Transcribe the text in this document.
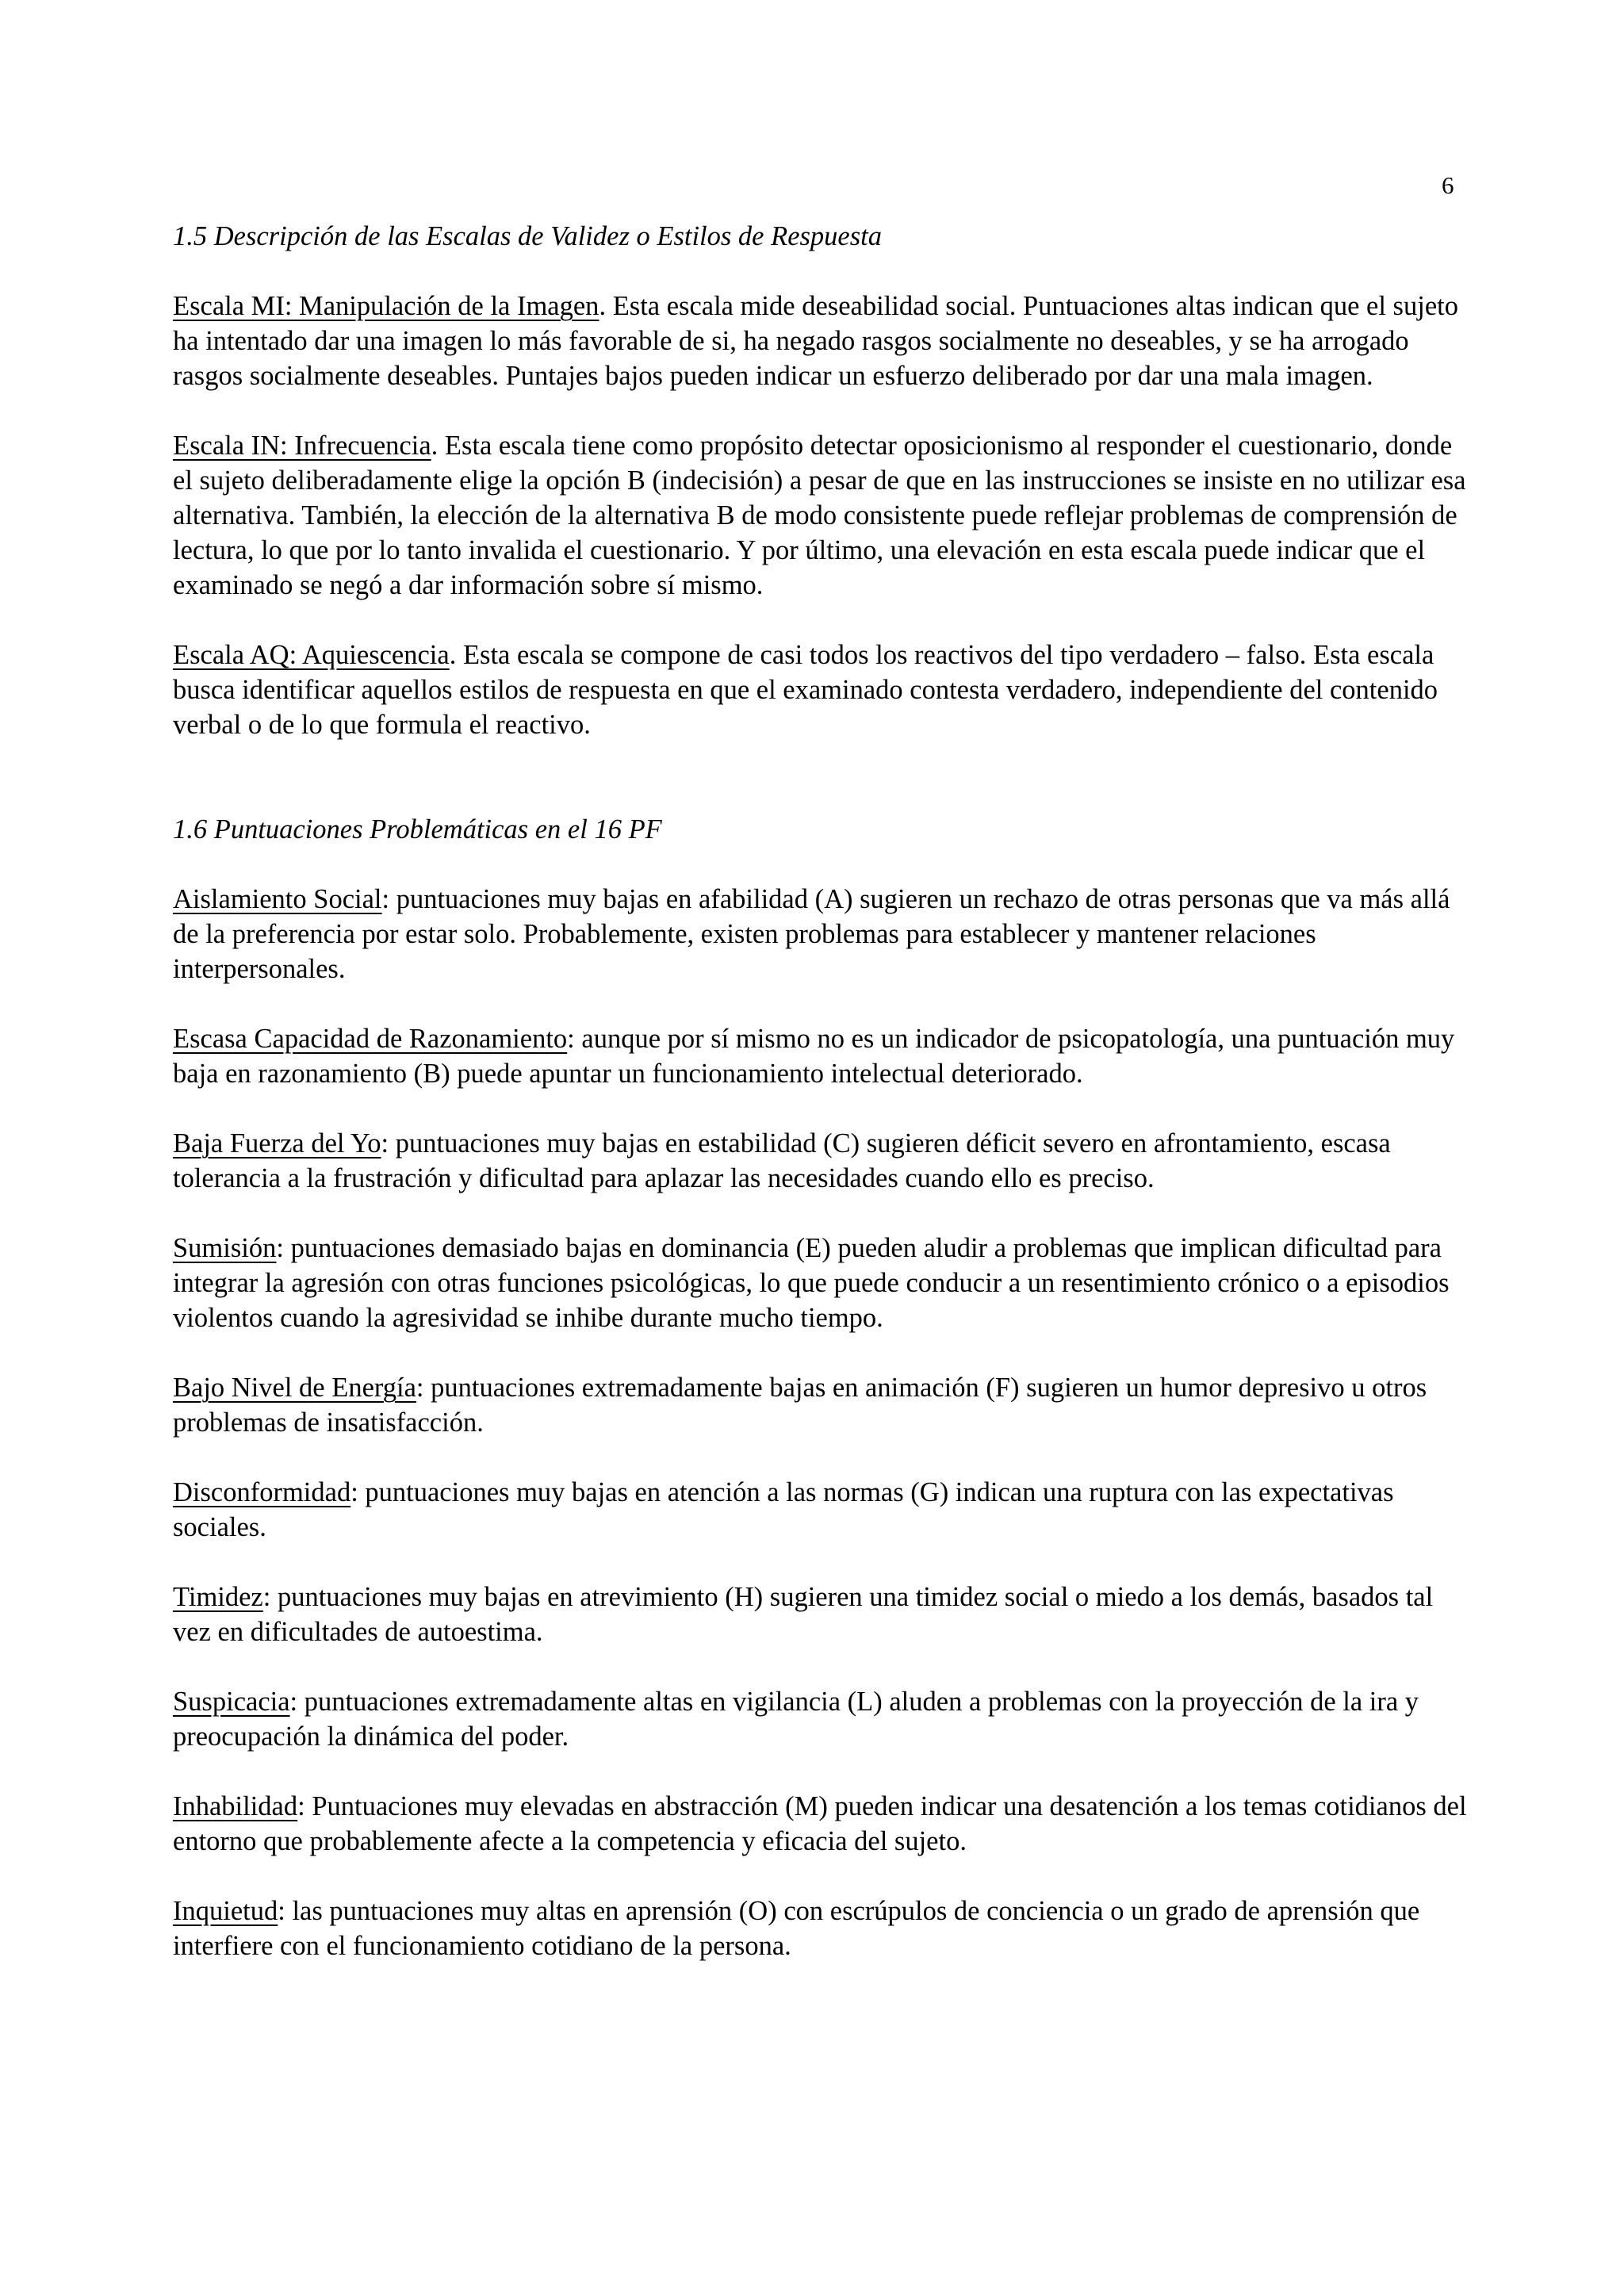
6
1.5 Descripción de las Escalas de Validez o Estilos de Respuesta

Escala MI: Manipulación de la Imagen. Esta escala mide deseabilidad social. Puntuaciones altas indican que el sujeto ha intentado dar una imagen lo más favorable de si, ha negado rasgos socialmente no deseables, y se ha arrogado rasgos socialmente deseables. Puntajes bajos pueden indicar un esfuerzo deliberado por dar una mala imagen.

Escala IN: Infrecuencia. Esta escala tiene como propósito detectar oposicionismo al responder el cuestionario, donde el sujeto deliberadamente elige la opción B (indecisión) a pesar de que en las instrucciones se insiste en no utilizar esa alternativa. También, la elección de la alternativa B de modo consistente puede reflejar problemas de comprensión de lectura, lo que por lo tanto invalida el cuestionario. Y por último, una elevación en esta escala puede indicar que el examinado se negó a dar información sobre sí mismo.

Escala AQ: Aquiescencia. Esta escala se compone de casi todos los reactivos del tipo verdadero – falso. Esta escala busca identificar aquellos estilos de respuesta en que el examinado contesta verdadero, independiente del contenido verbal o de lo que formula el reactivo.

1.6 Puntuaciones Problemáticas en el 16 PF

Aislamiento Social: puntuaciones muy bajas en afabilidad (A) sugieren un rechazo de otras personas que va más allá de la preferencia por estar solo. Probablemente, existen problemas para establecer y mantener relaciones interpersonales.

Escasa Capacidad de Razonamiento: aunque por sí mismo no es un indicador de psicopatología, una puntuación muy baja en razonamiento (B) puede apuntar un funcionamiento intelectual deteriorado.

Baja Fuerza del Yo: puntuaciones muy bajas en estabilidad (C) sugieren déficit severo en afrontamiento, escasa tolerancia a la frustración y dificultad para aplazar las necesidades cuando ello es preciso.

Sumisión: puntuaciones demasiado bajas en dominancia (E) pueden aludir a problemas que implican dificultad para integrar la agresión con otras funciones psicológicas, lo que puede conducir a un resentimiento crónico o a episodios violentos cuando la agresividad se inhibe durante mucho tiempo.

Bajo Nivel de Energía: puntuaciones extremadamente bajas en animación (F) sugieren un humor depresivo u otros problemas de insatisfacción.

Disconformidad: puntuaciones muy bajas en atención a las normas (G) indican una ruptura con las expectativas sociales.

Timidez: puntuaciones muy bajas en atrevimiento (H) sugieren una timidez social o miedo a los demás, basados tal vez en dificultades de autoestima.

Suspicacia: puntuaciones extremadamente altas en vigilancia (L) aluden a problemas con la proyección de la ira y preocupación la dinámica del poder.

Inhabilidad: Puntuaciones muy elevadas en abstracción (M) pueden indicar una desatención a los temas cotidianos del entorno que probablemente afecte a la competencia y eficacia del sujeto.

Inquietud: las puntuaciones muy altas en aprensión (O) con escrúpulos de conciencia o un grado de aprensión que interfiere con el funcionamiento cotidiano de la persona.
